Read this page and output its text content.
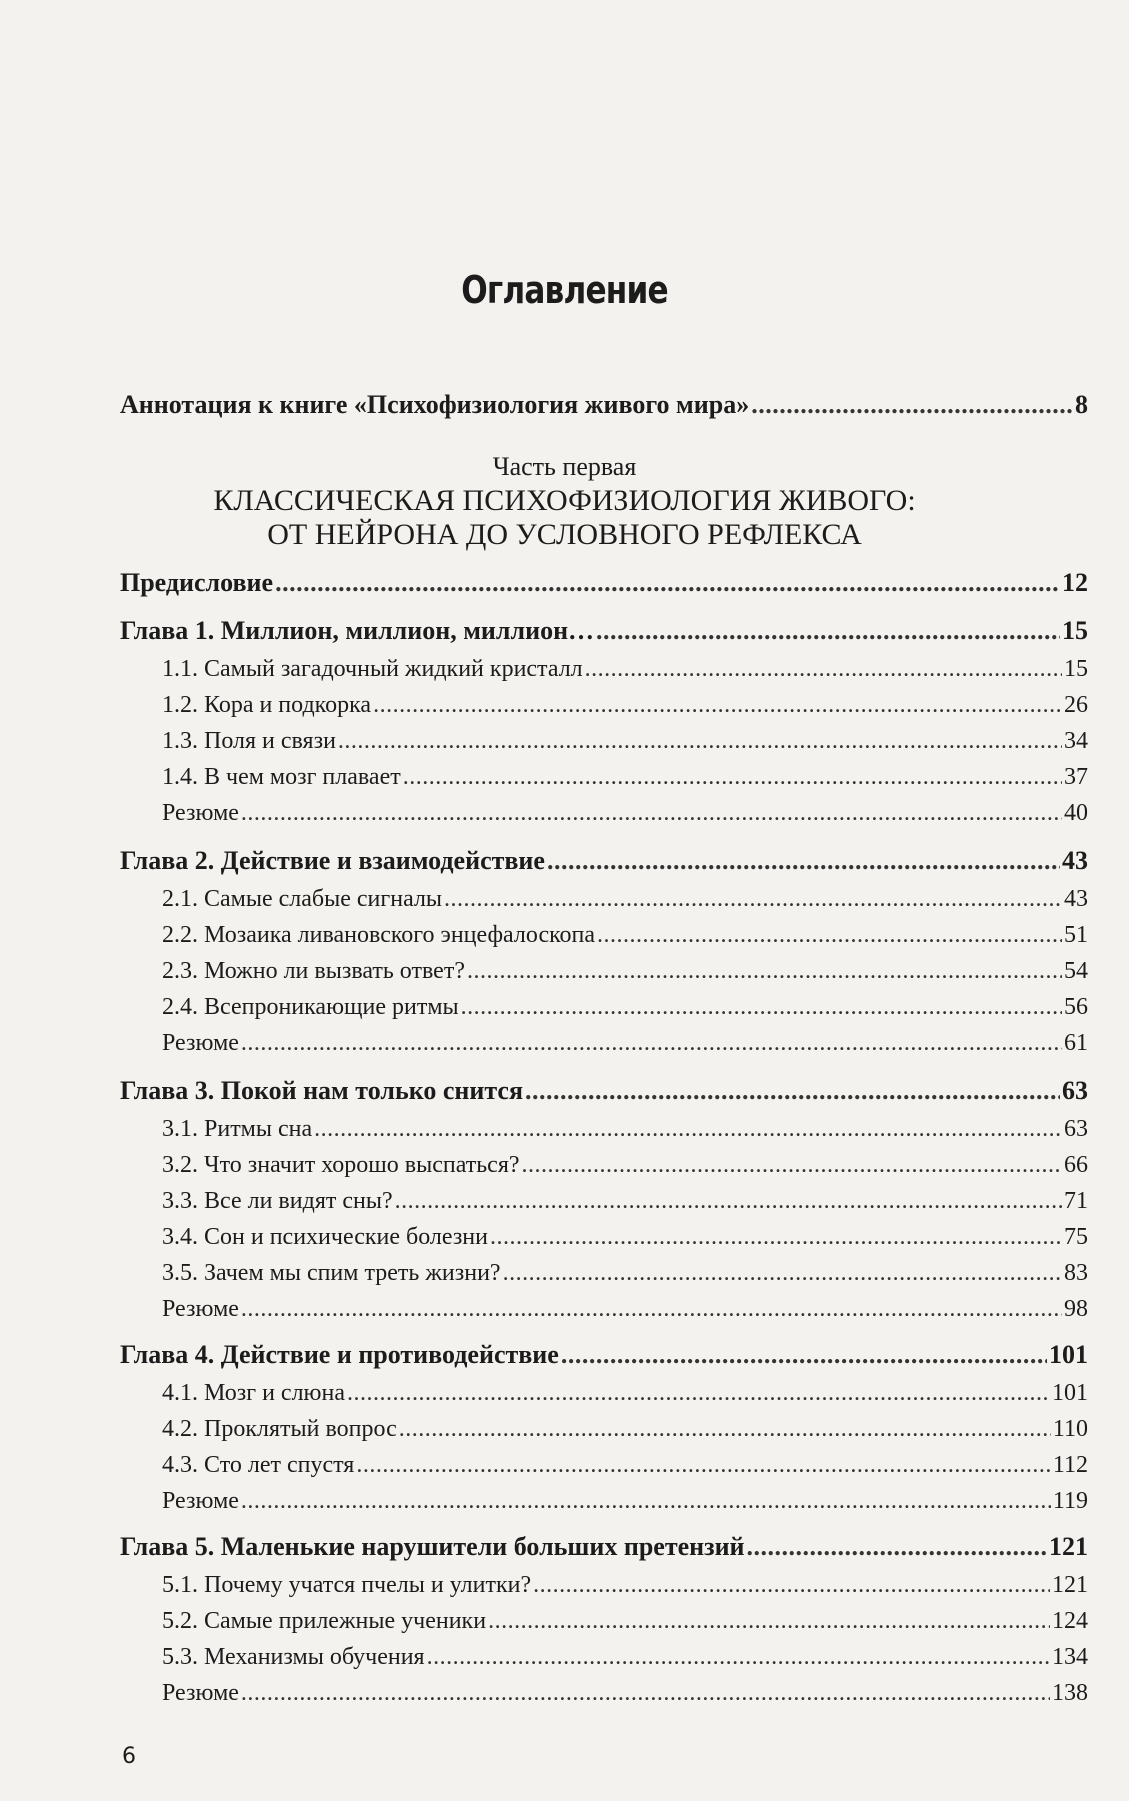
Оглавление
Аннотация к книге «Психофизиология живого мира» .....	8
Часть первая
КЛАССИЧЕСКАЯ ПСИХОФИЗИОЛОГИЯ ЖИВОГО:
ОТ НЕЙРОНА ДО УСЛОВНОГО РЕФЛЕКСА
Предисловие .....	12
Глава 1. Миллион, миллион, миллион… .....	15
1.1. Самый загадочный жидкий кристалл .....	15
1.2. Кора и подкорка .....	26
1.3. Поля и связи .....	34
1.4. В чем мозг плавает .....	37
Резюме .....	40
Глава 2. Действие и взаимодействие .....	43
2.1. Самые слабые сигналы .....	43
2.2. Мозаика ливановского энцефалоскопа .....	51
2.3. Можно ли вызвать ответ? .....	54
2.4. Всепроникающие ритмы .....	56
Резюме .....	61
Глава 3. Покой нам только снится .....	63
3.1. Ритмы сна .....	63
3.2. Что значит хорошо выспаться? .....	66
3.3. Все ли видят сны? .....	71
3.4. Сон и психические болезни .....	75
3.5. Зачем мы спим треть жизни? .....	83
Резюме .....	98
Глава 4. Действие и противодействие .....	101
4.1. Мозг и слюна .....	101
4.2. Проклятый вопрос .....	110
4.3. Сто лет спустя .....	112
Резюме .....	119
Глава 5. Маленькие нарушители больших претензий .....	121
5.1. Почему учатся пчелы и улитки? .....	121
5.2. Самые прилежные ученики .....	124
5.3. Механизмы обучения .....	134
Резюме .....	138
6
